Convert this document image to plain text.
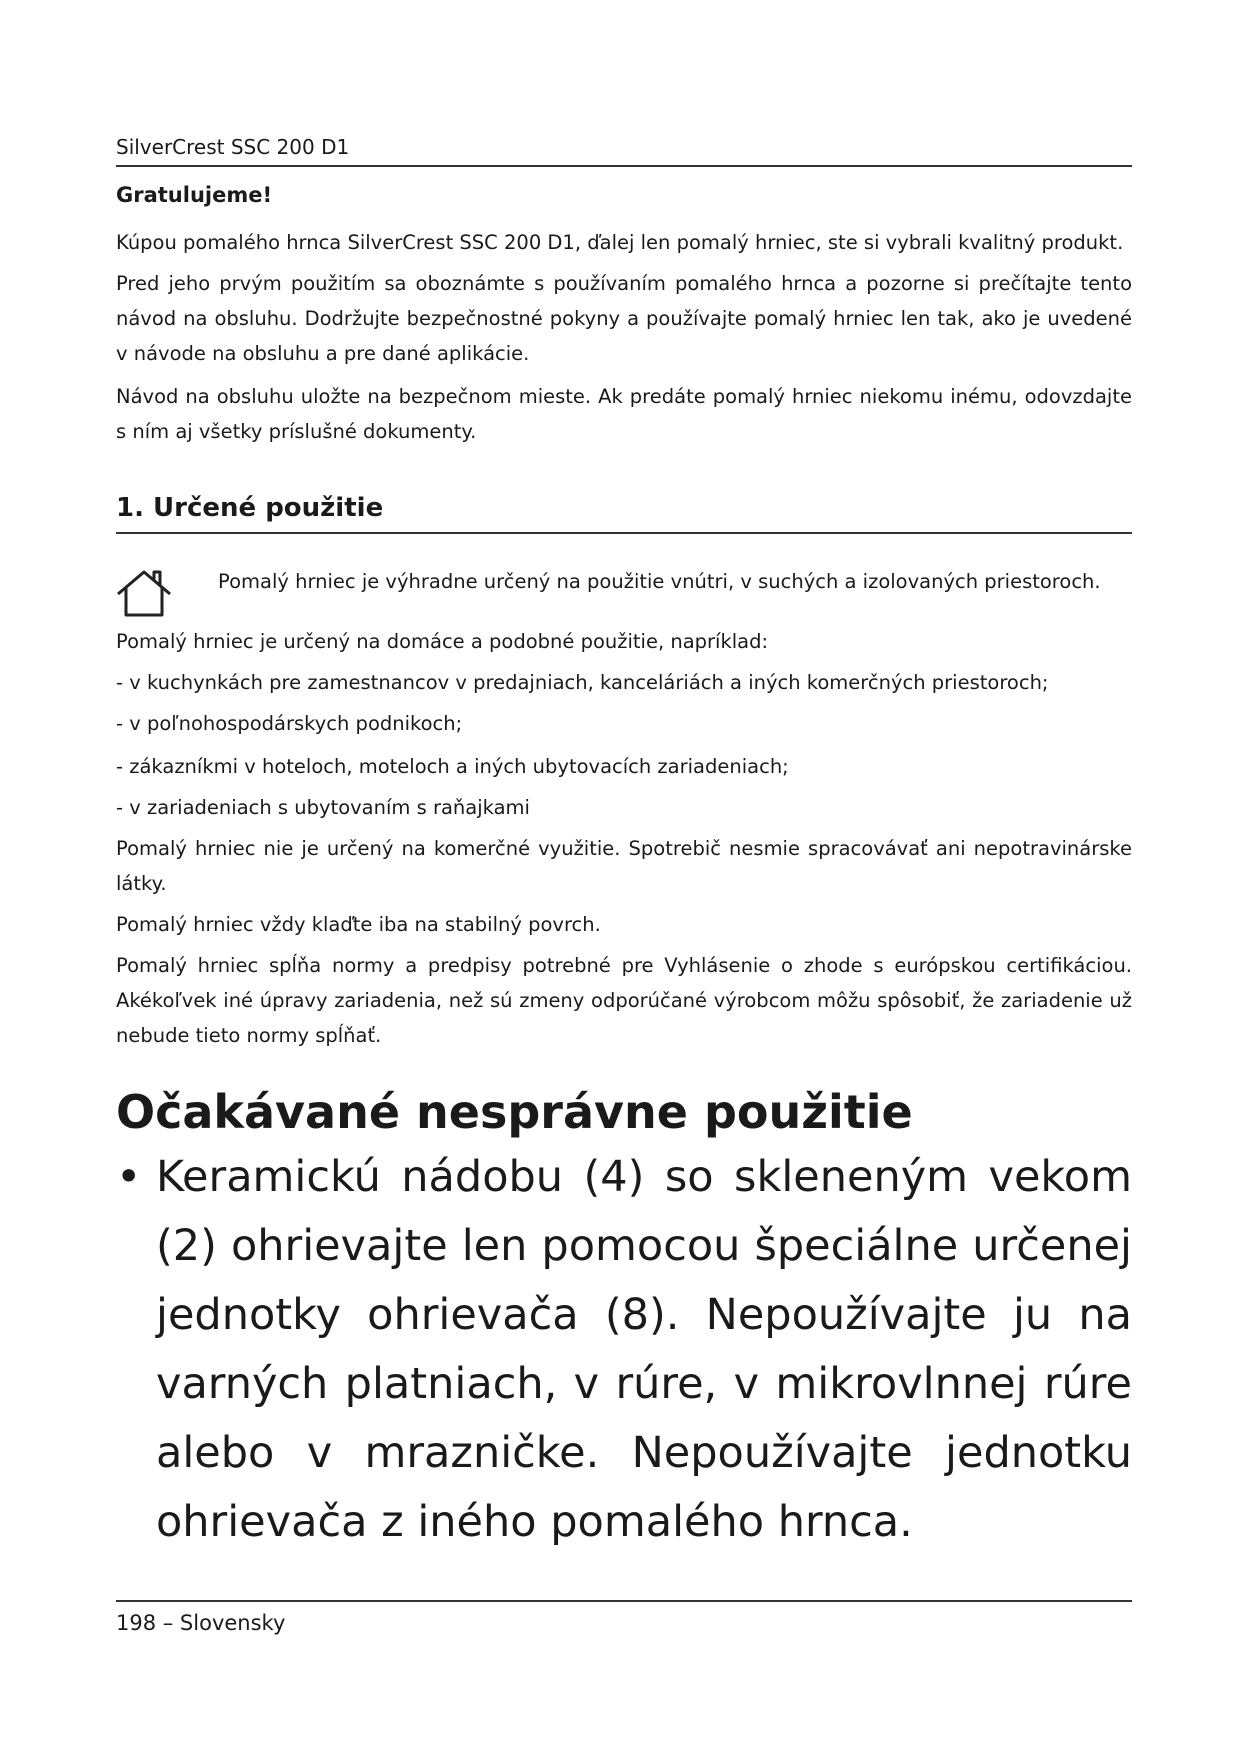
SilverCrest SSC 200 D1
Gratulujeme!
Kúpou pomalého hrnca SilverCrest SSC 200 D1, ďalej len pomalý hrniec, ste si vybrali kvalitný produkt.
Pred jeho prvým použitím sa oboznámte s používaním pomalého hrnca a pozorne si prečítajte tento návod na obsluhu. Dodržujte bezpečnostné pokyny a používajte pomalý hrniec len tak, ako je uvedené v návode na obsluhu a pre dané aplikácie.
Návod na obsluhu uložte na bezpečnom mieste. Ak predáte pomalý hrniec niekomu inému, odovzdajte s ním aj všetky príslušné dokumenty.
1. Určené použitie
Pomalý hrniec je výhradne určený na použitie vnútri, v suchých a izolovaných priestoroch.
Pomalý hrniec je určený na domáce a podobné použitie, napríklad:
- v kuchynkách pre zamestnancov v predajniach, kanceláriách a iných komerčných priestoroch;
- v poľnohospodárskych podnikoch;
- zákazníkmi v hoteloch, moteloch a iných ubytovacích zariadeniach;
- v zariadeniach s ubytovaním s raňajkami
Pomalý hrniec nie je určený na komerčné využitie. Spotrebič nesmie spracovávať ani nepotravinárske látky.
Pomalý hrniec vždy klaďte iba na stabilný povrch.
Pomalý hrniec spĺňa normy a predpisy potrebné pre Vyhlásenie o zhode s európskou certifikáciou. Akékoľvek iné úpravy zariadenia, než sú zmeny odporúčané výrobcom môžu spôsobiť, že zariadenie už nebude tieto normy spĺňať.
Očakávané nesprávne použitie
• Keramickú nádobu (4) so skleneným vekom (2) ohrievajte len pomocou špeciálne určenej jednotky ohrievača (8). Nepoužívajte ju na varných platniach, v rúre, v mikrovlnnej rúre alebo v mrazničke. Nepoužívajte jednotku ohrievača z iného pomalého hrnca.
198 – Slovensky
